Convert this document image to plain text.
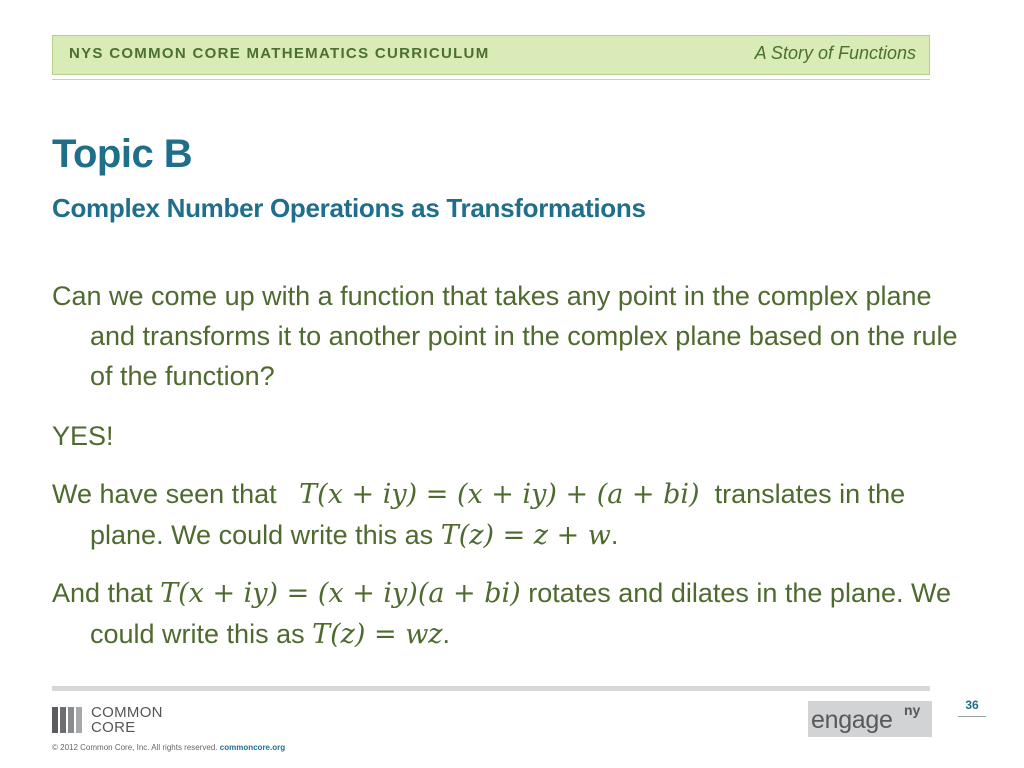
NYS COMMON CORE MATHEMATICS CURRICULUM	A Story of Functions
Topic B
Complex Number Operations as Transformations
Can we come up with a function that takes any point in the complex plane and transforms it to another point in the complex plane based on the rule of the function?
YES!
We have seen that T(x + iy) = (x + iy) + (a + bi) translates in the plane. We could write this as T(z) = z + w.
And that T(x + iy) = (x + iy)(a + bi) rotates and dilates in the plane. We could write this as T(z) = wz.
36
COMMON
CORE	engage ny
© 2012 Common Core, Inc. All rights reserved. commoncore.org
